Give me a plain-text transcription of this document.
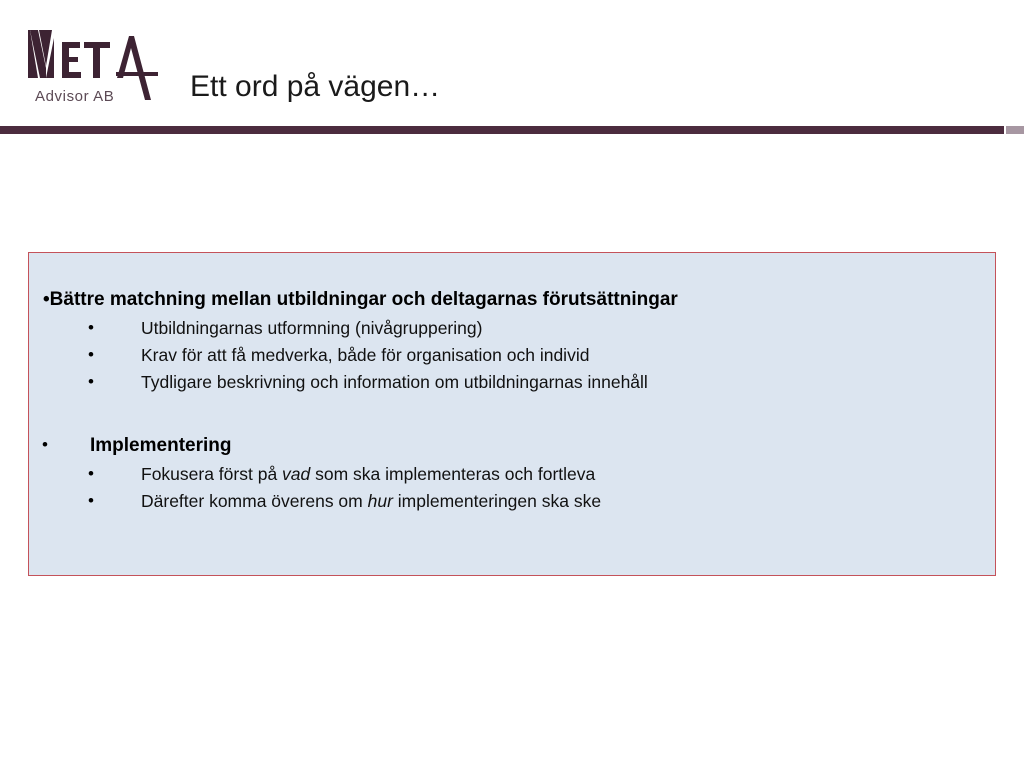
Advisor AB	Ett ord på vägen…
•Bättre matchning mellan utbildningar och deltagarnas förutsättningar
•	Utbildningarnas utformning (nivågruppering)
•	Krav för att få medverka, både för organisation och individ
•	Tydligare beskrivning och information om utbildningarnas innehåll
• Implementering
•	Fokusera först på vad som ska implementeras och fortleva
•	Därefter komma överens om hur implementeringen ska ske
